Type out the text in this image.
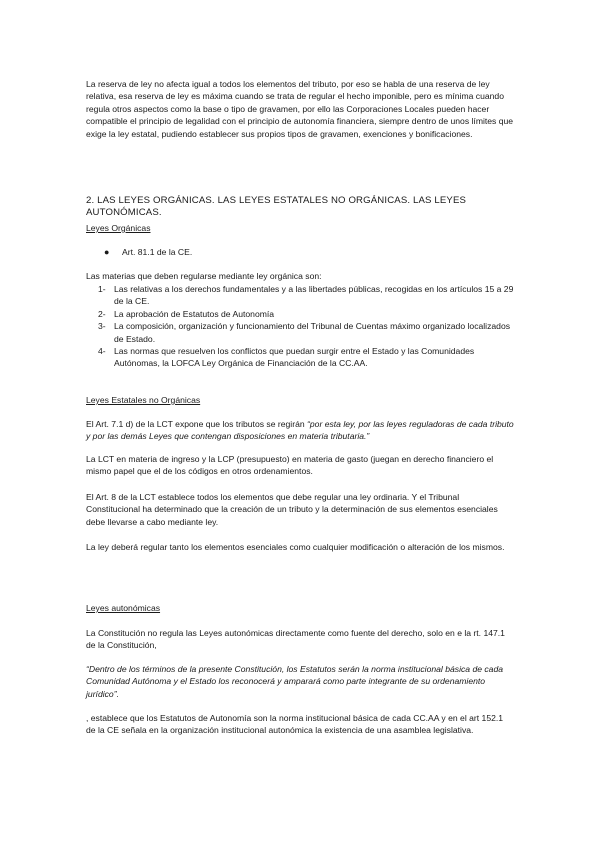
La reserva de ley no afecta igual a todos los elementos del tributo, por eso se habla de una reserva de ley relativa, esa reserva de ley es máxima cuando se trata de regular el hecho imponible, pero es mínima cuando regula otros aspectos como la base o tipo de gravamen, por ello las Corporaciones Locales pueden hacer compatible el principio de legalidad con el principio de autonomía financiera, siempre dentro de unos límites que exige la ley estatal, pudiendo establecer sus propios tipos de gravamen, exenciones y bonificaciones.

2. LAS LEYES ORGÁNICAS. LAS LEYES ESTATALES NO ORGÁNICAS. LAS LEYES AUTONÓMICAS.
Leyes Orgánicas
● Art. 81.1 de la CE.

Las materias que deben regularse mediante ley orgánica son:

1- Las relativas a los derechos fundamentales y a las libertades públicas, recogidas en los artículos 15 a 29 de la CE.
2- La aprobación de Estatutos de Autonomía
3- La composición, organización y funcionamiento del Tribunal de Cuentas máximo organizado localizados de Estado.
4- Las normas que resuelven los conflictos que puedan surgir entre el Estado y las Comunidades Autónomas, la LOFCA Ley Orgánica de Financiación de la CC.AA.
Leyes Estatales no Orgánicas

El Art. 7.1 d) de la LCT expone que los tributos se regirán “por esta ley, por las leyes reguladoras de cada tributo y por las demás Leyes que contengan disposiciones en materia tributaria.”

La LCT en materia de ingreso y la LCP (presupuesto) en materia de gasto (juegan en derecho financiero el mismo papel que el de los códigos en otros ordenamientos.

El Art. 8 de la LCT establece todos los elementos que debe regular una ley ordinaria. Y el Tribunal Constitucional ha determinado que la creación de un tributo y la determinación de sus elementos esenciales debe llevarse a cabo mediante ley.

La ley deberá regular tanto los elementos esenciales como cualquier modificación o alteración de los mismos.

Leyes autonómicas

La Constitución no regula las Leyes autonómicas directamente como fuente del derecho, solo en e la rt. 147.1 de la Constitución,

“Dentro de los términos de la presente Constitución, los Estatutos serán la norma institucional básica de cada Comunidad Autónoma y el Estado los reconocerá y amparará como parte integrante de su ordenamiento jurídico”.

, establece que los Estatutos de Autonomía son la norma institucional básica de cada CC.AA y en el art 152.1 de la CE señala en la organización institucional autonómica la existencia de una asamblea legislativa.
